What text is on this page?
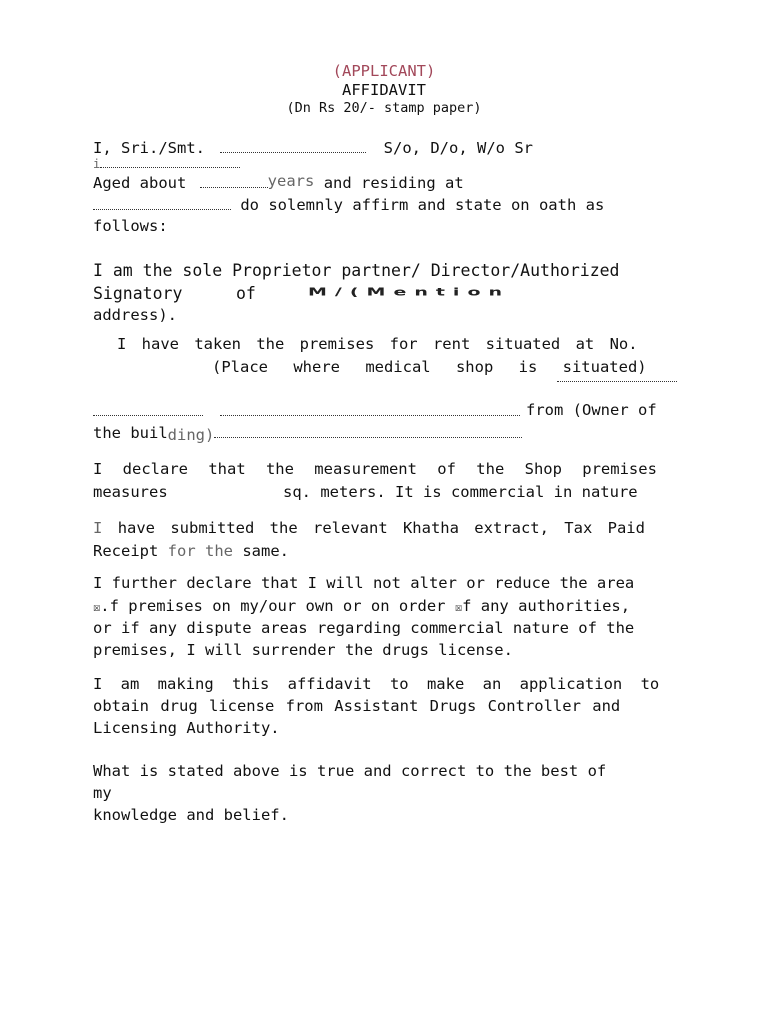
(APPLICANT)
AFFIDAVIT
(Dn Rs 20/- stamp paper)
I, Sri./Smt.	S/o, D/o, W/o Sr
i
Aged about	years and residing at
do solemnly affirm and state on oath as
follows:
I am the sole Proprietor partner/ Director/Authorized
Signatory	of	M/(Mention
address).
I have taken the premises for rent situated at No.
(Place where medical shop is situated)

from (Owner of
the building)
I declare that the measurement of the Shop premises
measures	sq. meters. It is commercial in nature
I have submitted the relevant Khatha extract, Tax Paid
Receipt for the same.
I further declare that I will not alter or reduce the area
☒.f premises on my/our own or on order ☒f any authorities,
or if any dispute areas regarding commercial nature of the
premises, I will surrender the drugs license.
I am making this affidavit to make an application to
obtain drug license from Assistant Drugs Controller and
Licensing Authority.
What is stated above is true and correct to the best of
my
knowledge and belief.
